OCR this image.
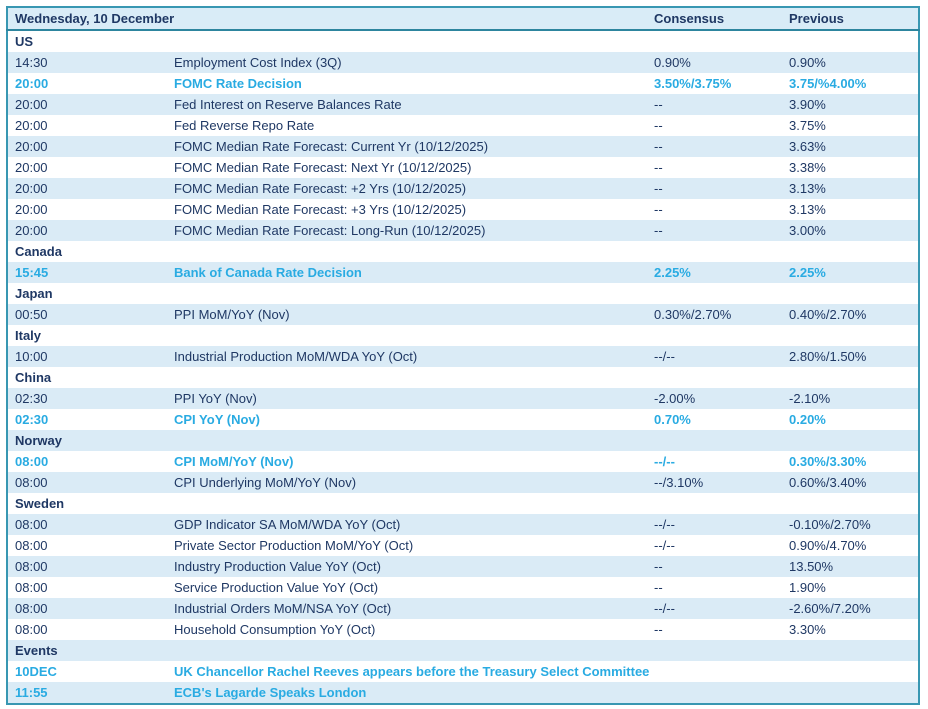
Wednesday, 10 December		Consensus	Previous
US			
14:30	Employment Cost Index (3Q)	0.90%	0.90%
20:00	FOMC Rate Decision	3.50%/3.75%	3.75/%4.00%
20:00	Fed Interest on Reserve Balances Rate	--	3.90%
20:00	Fed Reverse Repo Rate	--	3.75%
20:00	FOMC Median Rate Forecast: Current Yr (10/12/2025)	--	3.63%
20:00	FOMC Median Rate Forecast: Next Yr (10/12/2025)	--	3.38%
20:00	FOMC Median Rate Forecast: +2 Yrs (10/12/2025)	--	3.13%
20:00	FOMC Median Rate Forecast: +3 Yrs (10/12/2025)	--	3.13%
20:00	FOMC Median Rate Forecast: Long-Run (10/12/2025)	--	3.00%
Canada			
15:45	Bank of Canada Rate Decision	2.25%	2.25%
Japan			
00:50	PPI MoM/YoY (Nov)	0.30%/2.70%	0.40%/2.70%
Italy			
10:00	Industrial Production MoM/WDA YoY (Oct)	--/--	2.80%/1.50%
China			
02:30	PPI YoY (Nov)	-2.00%	-2.10%
02:30	CPI YoY (Nov)	0.70%	0.20%
Norway			
08:00	CPI MoM/YoY (Nov)	--/--	0.30%/3.30%
08:00	CPI Underlying MoM/YoY (Nov)	--/3.10%	0.60%/3.40%
Sweden			
08:00	GDP Indicator SA MoM/WDA YoY (Oct)	--/--	-0.10%/2.70%
08:00	Private Sector Production MoM/YoY (Oct)	--/--	0.90%/4.70%
08:00	Industry Production Value YoY (Oct)	--	13.50%
08:00	Service Production Value YoY (Oct)	--	1.90%
08:00	Industrial Orders MoM/NSA YoY (Oct)	--/--	-2.60%/7.20%
08:00	Household Consumption YoY (Oct)	--	3.30%
Events			
10DEC	UK Chancellor Rachel Reeves appears before the Treasury Select Committee		
11:55	ECB's Lagarde Speaks London		
